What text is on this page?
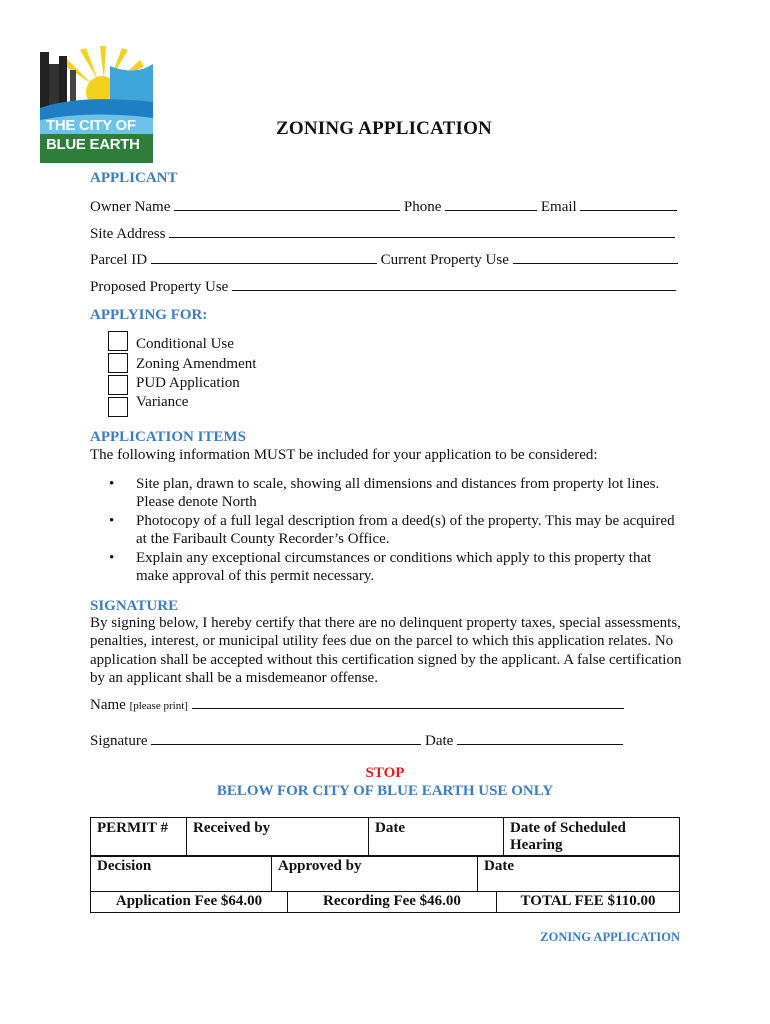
THE CITY OF
BLUE EARTH
ZONING APPLICATION
APPLICANT
Owner Name	Phone	Email
Site Address
Parcel ID	Current Property Use
Proposed Property Use
APPLYING FOR:
Conditional Use
Zoning Amendment
PUD Application
Variance
APPLICATION ITEMS
The following information MUST be included for your application to be considered:
• Site plan, drawn to scale, showing all dimensions and distances from property lot lines.
Please denote North
• Photocopy of a full legal description from a deed(s) of the property. This may be acquired
at the Faribault County Recorder’s Office.
• Explain any exceptional circumstances or conditions which apply to this property that
make approval of this permit necessary.
SIGNATURE
By signing below, I hereby certify that there are no delinquent property taxes, special assessments,
penalties, interest, or municipal utility fees due on the parcel to which this application relates. No
application shall be accepted without this certification signed by the applicant. A false certification
by an applicant shall be a misdemeanor offense.
Name [please print]
Signature	Date
STOP
BELOW FOR CITY OF BLUE EARTH USE ONLY
PERMIT #	Received by	Date	Date of Scheduled
Hearing
Decision	Approved by	Date
Application Fee $64.00	Recording Fee $46.00	TOTAL FEE $110.00
ZONING APPLICATION
